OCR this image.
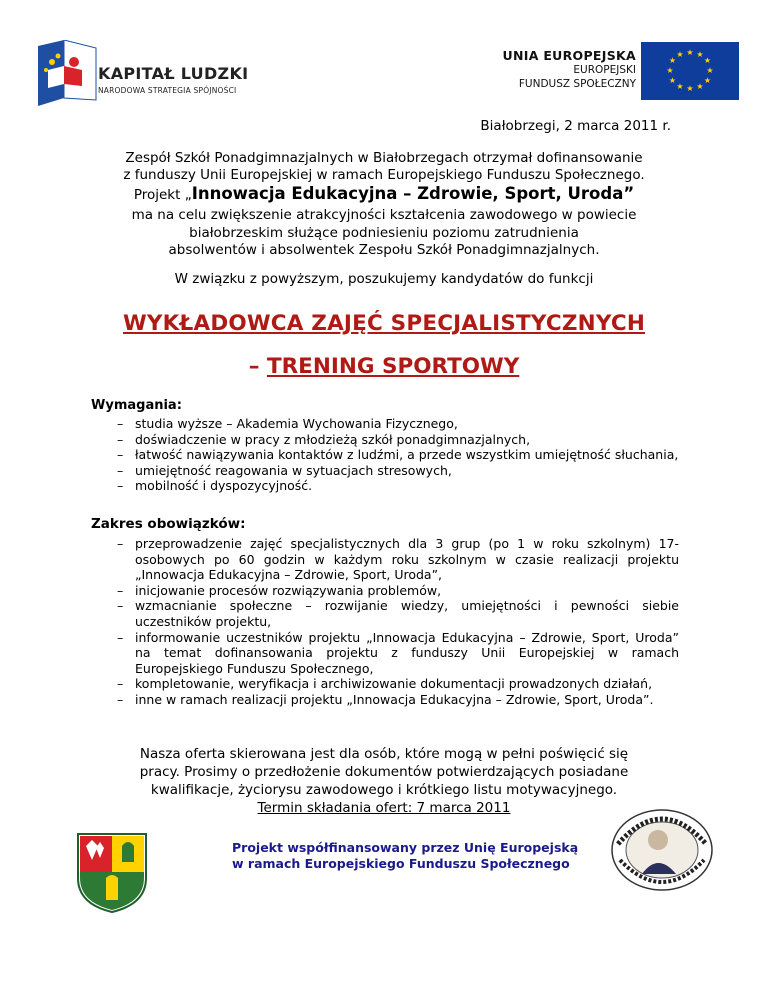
KAPITAŁ LUDZKI
NARODOWA STRATEGIA SPÓJNOŚCI
UNIA EUROPEJSKA
EUROPEJSKI
FUNDUSZ SPOŁECZNY
★ ★
★
★
★
★
★
★
★
★
★
★
Białobrzegi, 2 marca 2011 r.
Zespół Szkół Ponadgimnazjalnych w Białobrzegach otrzymał dofinansowanie
z funduszy Unii Europejskiej w ramach Europejskiego Funduszu Społecznego.
Projekt „Innowacja Edukacyjna – Zdrowie, Sport, Uroda”
ma na celu zwiększenie atrakcyjności kształcenia zawodowego w powiecie
białobrzeskim służące podniesieniu poziomu zatrudnienia
absolwentów i absolwentek Zespołu Szkół Ponadgimnazjalnych.
W związku z powyższym, poszukujemy kandydatów do funkcji
WYKŁADOWCA ZAJĘĆ SPECJALISTYCZNYCH
– TRENING SPORTOWY
Wymagania:
– studia wyższe – Akademia Wychowania Fizycznego,
– doświadczenie w pracy z młodzieżą szkół ponadgimnazjalnych,
– łatwość nawiązywania kontaktów z ludźmi, a przede wszystkim umiejętność słuchania,
– umiejętność reagowania w sytuacjach stresowych,
– mobilność i dyspozycyjność.
Zakres obowiązków:
– przeprowadzenie zajęć specjalistycznych dla 3 grup (po 1 w roku szkolnym) 17-osobowych po 60 godzin w każdym roku szkolnym w czasie realizacji projektu „Innowacja Edukacyjna – Zdrowie, Sport, Uroda”,
– inicjowanie procesów rozwiązywania problemów,
– wzmacnianie społeczne – rozwijanie wiedzy, umiejętności i pewności siebie uczestników projektu,
– informowanie uczestników projektu „Innowacja Edukacyjna – Zdrowie, Sport, Uroda” na temat dofinansowania projektu z funduszy Unii Europejskiej w ramach Europejskiego Funduszu Społecznego,
– kompletowanie, weryfikacja i archiwizowanie dokumentacji prowadzonych działań,
– inne w ramach realizacji projektu „Innowacja Edukacyjna – Zdrowie, Sport, Uroda”.
Nasza oferta skierowana jest dla osób, które mogą w pełni poświęcić się
pracy. Prosimy o przedłożenie dokumentów potwierdzających posiadane
kwalifikacje, życiorysu zawodowego i krótkiego listu motywacyjnego.
Termin składania ofert: 7 marca 2011
Projekt współfinansowany przez Unię Europejską
w ramach Europejskiego Funduszu Społecznego
